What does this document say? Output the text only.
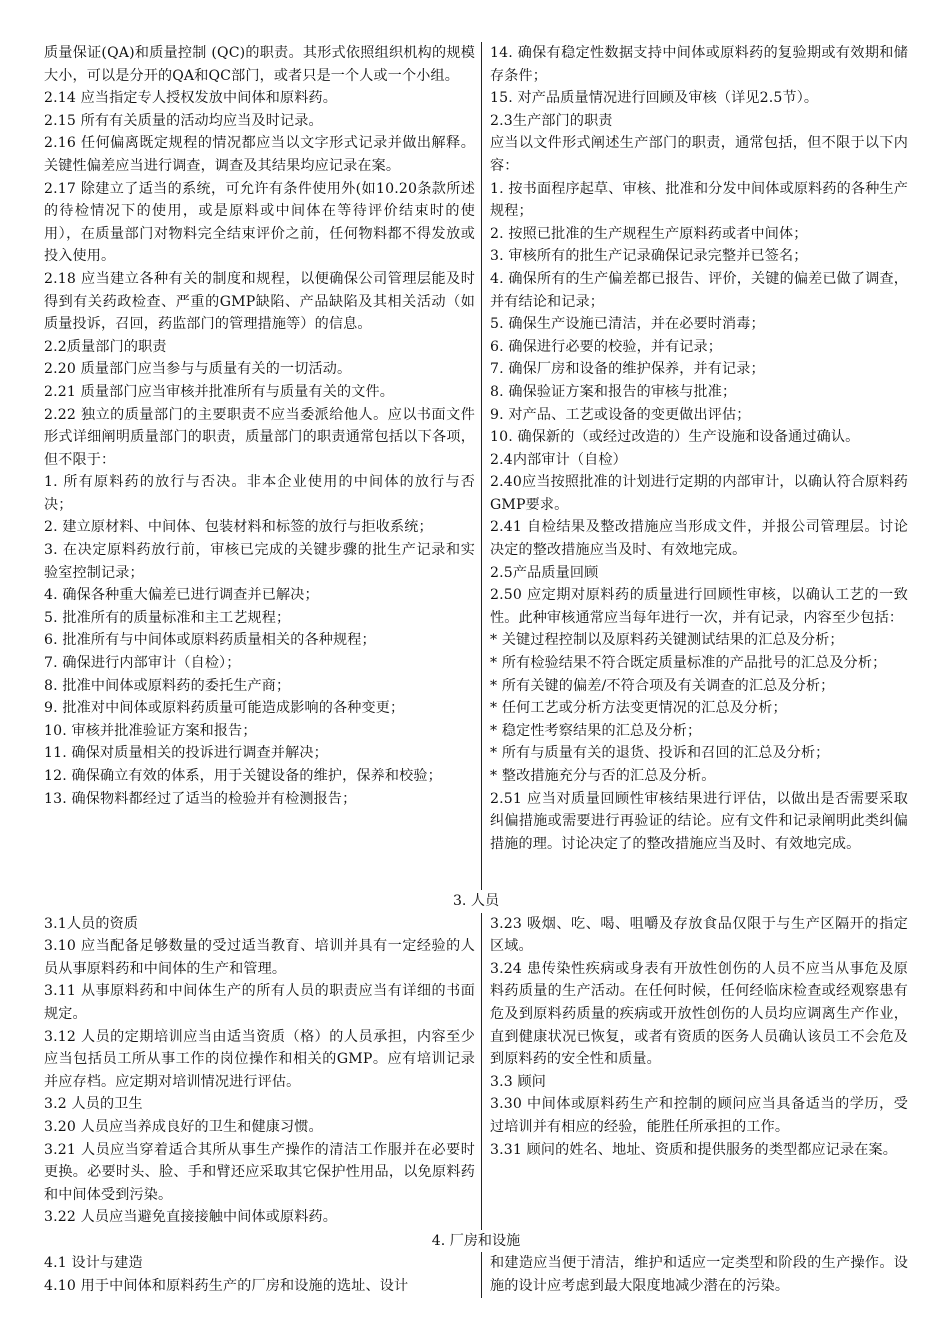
质量保证(QA)和质量控制 (QC)的职责。其形式依照组织机构的规模大小，可以是分开的QA和QC部门，或者只是一个人或一个小组。

2.14 应当指定专人授权发放中间体和原料药。

2.15 所有有关质量的活动均应当及时记录。

2.16 任何偏离既定规程的情况都应当以文字形式记录并做出解释。关键性偏差应当进行调查，调查及其结果均应记录在案。

2.17 除建立了适当的系统，可允许有条件使用外(如10.20条款所述的待检情况下的使用，或是原料或中间体在等待评价结束时的使用），在质量部门对物料完全结束评价之前，任何物料都不得发放或投入使用。

2.18 应当建立各种有关的制度和规程，以便确保公司管理层能及时得到有关药政检查、严重的GMP缺陷、产品缺陷及其相关活动（如质量投诉，召回，药监部门的管理措施等）的信息。

2.2质量部门的职责

2.20 质量部门应当参与与质量有关的一切活动。

2.21 质量部门应当审核并批准所有与质量有关的文件。

2.22 独立的质量部门的主要职责不应当委派给他人。应以书面文件形式详细阐明质量部门的职责，质量部门的职责通常包括以下各项，但不限于：

1. 所有原料药的放行与否决。非本企业使用的中间体的放行与否决；

2. 建立原材料、中间体、包装材料和标签的放行与拒收系统；

3. 在决定原料药放行前，审核已完成的关键步骤的批生产记录和实验室控制记录；

4. 确保各种重大偏差已进行调查并已解决；

5. 批准所有的质量标准和主工艺规程；

6. 批准所有与中间体或原料药质量相关的各种规程；

7. 确保进行内部审计（自检）；

8. 批准中间体或原料药的委托生产商；

9. 批准对中间体或原料药质量可能造成影响的各种变更；

10. 审核并批准验证方案和报告；

11. 确保对质量相关的投诉进行调查并解决；

12. 确保确立有效的体系，用于关键设备的维护，保养和校验；

13. 确保物料都经过了适当的检验并有检测报告；

14. 确保有稳定性数据支持中间体或原料药的复验期或有效期和储存条件；

15. 对产品质量情况进行回顾及审核（详见2.5节）。

2.3生产部门的职责

应当以文件形式阐述生产部门的职责，通常包括，但不限于以下内容：

1. 按书面程序起草、审核、批准和分发中间体或原料药的各种生产规程；

2. 按照已批准的生产规程生产原料药或者中间体；

3. 审核所有的批生产记录确保记录完整并已签名；

4. 确保所有的生产偏差都已报告、评价，关键的偏差已做了调查，并有结论和记录；

5. 确保生产设施已清洁，并在必要时消毒；

6. 确保进行必要的校验，并有记录；

7. 确保厂房和设备的维护保养，并有记录；

8. 确保验证方案和报告的审核与批准；

9. 对产品、工艺或设备的变更做出评估；

10. 确保新的（或经过改造的）生产设施和设备通过确认。

2.4内部审计（自检）

2.40应当按照批准的计划进行定期的内部审计，以确认符合原料药GMP要求。

2.41 自检结果及整改措施应当形成文件，并报公司管理层。讨论决定的整改措施应当及时、有效地完成。

2.5产品质量回顾

2.50 应定期对原料药的质量进行回顾性审核，以确认工艺的一致性。此种审核通常应当每年进行一次，并有记录，内容至少包括：

* 关键过程控制以及原料药关键测试结果的汇总及分析；

* 所有检验结果不符合既定质量标准的产品批号的汇总及分析；

* 所有关键的偏差/不符合项及有关调查的汇总及分析；

* 任何工艺或分析方法变更情况的汇总及分析；

* 稳定性考察结果的汇总及分析；

* 所有与质量有关的退货、投诉和召回的汇总及分析；

* 整改措施充分与否的汇总及分析。

2.51 应当对质量回顾性审核结果进行评估，以做出是否需要采取纠偏措施或需要进行再验证的结论。应有文件和记录阐明此类纠偏措施的理。讨论决定了的整改措施应当及时、有效地完成。

3. 人员

3.1人员的资质

3.10 应当配备足够数量的受过适当教育、培训并具有一定经验的人员从事原料药和中间体的生产和管理。

3.11 从事原料药和中间体生产的所有人员的职责应当有详细的书面规定。

3.12 人员的定期培训应当由适当资质（格）的人员承担，内容至少应当包括员工所从事工作的岗位操作和相关的GMP。应有培训记录并应存档。应定期对培训情况进行评估。

3.2 人员的卫生

3.20 人员应当养成良好的卫生和健康习惯。

3.21 人员应当穿着适合其所从事生产操作的清洁工作服并在必要时更换。必要时头、脸、手和臂还应采取其它保护性用品，以免原料药和中间体受到污染。

3.22 人员应当避免直接接触中间体或原料药。

3.23 吸烟、吃、喝、咀嚼及存放食品仅限于与生产区隔开的指定区域。

3.24 患传染性疾病或身表有开放性创伤的人员不应当从事危及原料药质量的生产活动。在任何时候，任何经临床检查或经观察患有危及到原料药质量的疾病或开放性创伤的人员均应调离生产作业，直到健康状况已恢复，或者有资质的医务人员确认该员工不会危及到原料药的安全性和质量。

3.3 顾问

3.30 中间体或原料药生产和控制的顾问应当具备适当的学历，受过培训并有相应的经验，能胜任所承担的工作。

3.31 顾问的姓名、地址、资质和提供服务的类型都应记录在案。

4. 厂房和设施

4.1 设计与建造

4.10 用于中间体和原料药生产的厂房和设施的选址、设计

和建造应当便于清洁，维护和适应一定类型和阶段的生产操作。设施的设计应考虑到最大限度地减少潜在的污染。
